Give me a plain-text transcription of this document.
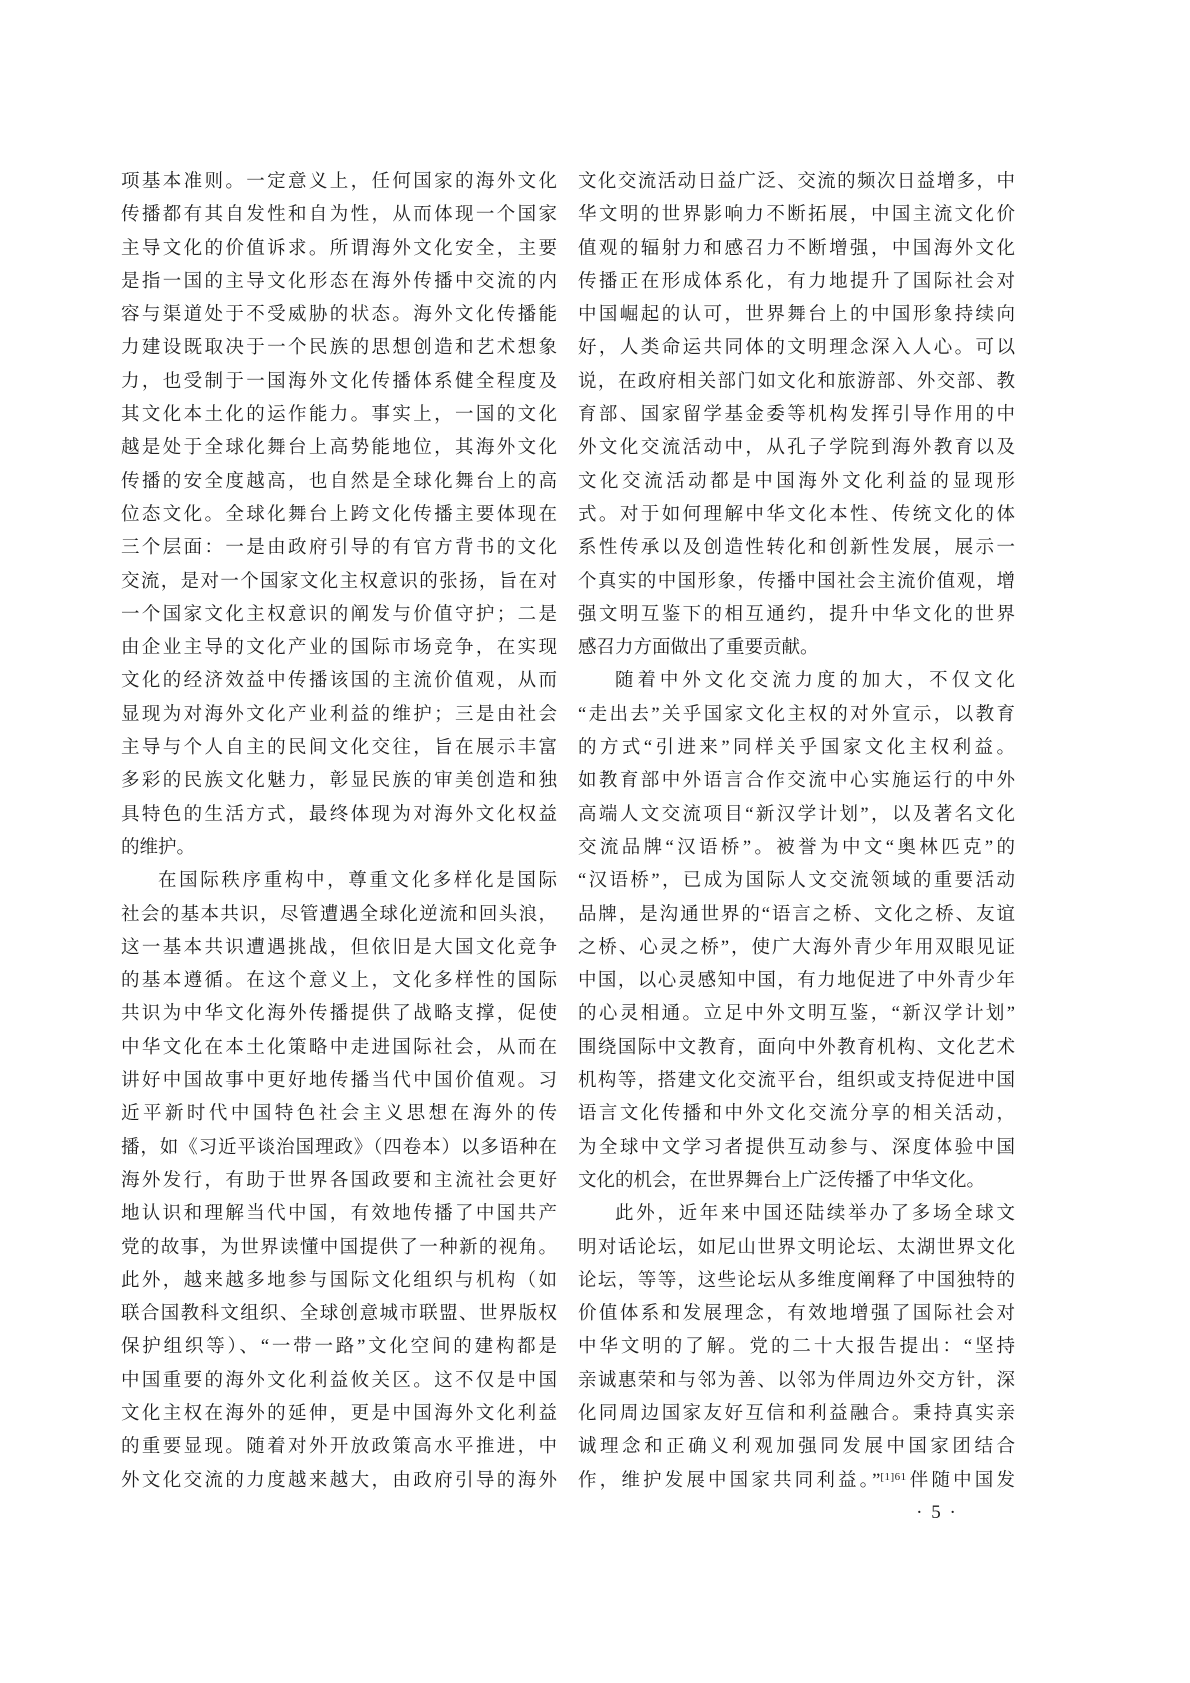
项基本准则。一定意义上，任何国家的海外文化
传播都有其自发性和自为性，从而体现一个国家
主导文化的价值诉求。所谓海外文化安全，主要
是指一国的主导文化形态在海外传播中交流的内
容与渠道处于不受威胁的状态。海外文化传播能
力建设既取决于一个民族的思想创造和艺术想象
力，也受制于一国海外文化传播体系健全程度及
其文化本土化的运作能力。事实上，一国的文化
越是处于全球化舞台上高势能地位，其海外文化
传播的安全度越高，也自然是全球化舞台上的高
位态文化。全球化舞台上跨文化传播主要体现在
三个层面：一是由政府引导的有官方背书的文化
交流，是对一个国家文化主权意识的张扬，旨在对
一个国家文化主权意识的阐发与价值守护；二是
由企业主导的文化产业的国际市场竞争，在实现
文化的经济效益中传播该国的主流价值观，从而
显现为对海外文化产业利益的维护；三是由社会
主导与个人自主的民间文化交往，旨在展示丰富
多彩的民族文化魅力，彰显民族的审美创造和独
具特色的生活方式，最终体现为对海外文化权益
的维护。
在国际秩序重构中，尊重文化多样化是国际
社会的基本共识，尽管遭遇全球化逆流和回头浪，
这一基本共识遭遇挑战，但依旧是大国文化竞争
的基本遵循。在这个意义上，文化多样性的国际
共识为中华文化海外传播提供了战略支撑，促使
中华文化在本土化策略中走进国际社会，从而在
讲好中国故事中更好地传播当代中国价值观。习
近平新时代中国特色社会主义思想在海外的传
播，如《习近平谈治国理政》（四卷本）以多语种在
海外发行，有助于世界各国政要和主流社会更好
地认识和理解当代中国，有效地传播了中国共产
党的故事，为世界读懂中国提供了一种新的视角。
此外，越来越多地参与国际文化组织与机构（如
联合国教科文组织、全球创意城市联盟、世界版权
保护组织等）、“一带一路”文化空间的建构都是
中国重要的海外文化利益攸关区。这不仅是中国
文化主权在海外的延伸，更是中国海外文化利益
的重要显现。随着对外开放政策高水平推进，中
外文化交流的力度越来越大，由政府引导的海外
文化交流活动日益广泛、交流的频次日益增多，中
华文明的世界影响力不断拓展，中国主流文化价
值观的辐射力和感召力不断增强，中国海外文化
传播正在形成体系化，有力地提升了国际社会对
中国崛起的认可，世界舞台上的中国形象持续向
好，人类命运共同体的文明理念深入人心。可以
说，在政府相关部门如文化和旅游部、外交部、教
育部、国家留学基金委等机构发挥引导作用的中
外文化交流活动中，从孔子学院到海外教育以及
文化交流活动都是中国海外文化利益的显现形
式。对于如何理解中华文化本性、传统文化的体
系性传承以及创造性转化和创新性发展，展示一
个真实的中国形象，传播中国社会主流价值观，增
强文明互鉴下的相互通约，提升中华文化的世界
感召力方面做出了重要贡献。
随着中外文化交流力度的加大，不仅文化
“走出去”关乎国家文化主权的对外宣示，以教育
的方式“引进来”同样关乎国家文化主权利益。
如教育部中外语言合作交流中心实施运行的中外
高端人文交流项目“新汉学计划”，以及著名文化
交流品牌“汉语桥”。被誉为中文“奥林匹克”的
“汉语桥”，已成为国际人文交流领域的重要活动
品牌，是沟通世界的“语言之桥、文化之桥、友谊
之桥、心灵之桥”，使广大海外青少年用双眼见证
中国，以心灵感知中国，有力地促进了中外青少年
的心灵相通。立足中外文明互鉴，“新汉学计划”
围绕国际中文教育，面向中外教育机构、文化艺术
机构等，搭建文化交流平台，组织或支持促进中国
语言文化传播和中外文化交流分享的相关活动，
为全球中文学习者提供互动参与、深度体验中国
文化的机会，在世界舞台上广泛传播了中华文化。
此外，近年来中国还陆续举办了多场全球文
明对话论坛，如尼山世界文明论坛、太湖世界文化
论坛，等等，这些论坛从多维度阐释了中国独特的
价值体系和发展理念，有效地增强了国际社会对
中华文明的了解。党的二十大报告提出：“坚持
亲诚惠荣和与邻为善、以邻为伴周边外交方针，深
化同周边国家友好互信和利益融合。秉持真实亲
诚理念和正确义利观加强同发展中国家团结合
作，维护发展中国家共同利益。”$^{[1]61}$伴随中国发
· 5 ·
